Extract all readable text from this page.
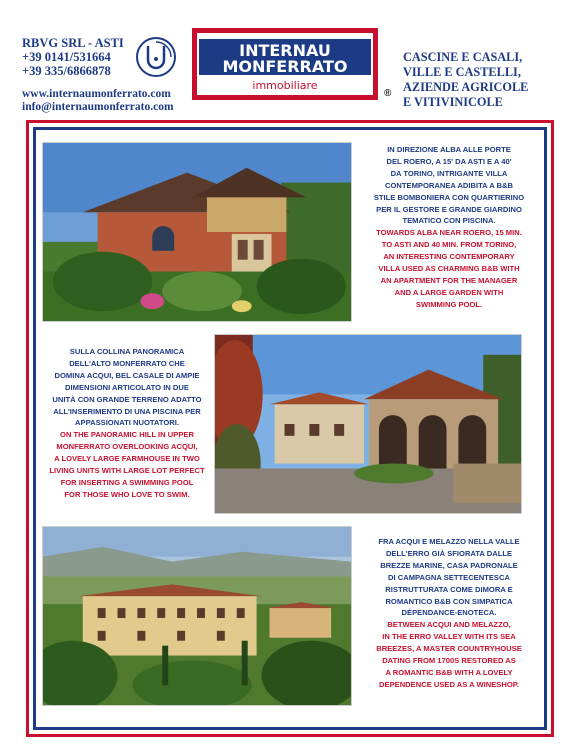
RBVG SRL - ASTI
+39 0141/531664
+39 335/6866878
www.internaumonferrato.com
info@internaumonferrato.com
INTERNAU
MONFERRATO
immobiliare
®
CASCINE E CASALI,
VILLE E CASTELLI,
AZIENDE AGRICOLE
E VITIVINICOLE
IN DIREZIONE ALBA ALLE PORTE
DEL ROERO, A 15' DA ASTI E A 40'
DA TORINO, INTRIGANTE VILLA
CONTEMPORANEA ADIBITA A B&B
STILE BOMBONIERA CON QUARTIERINO
PER IL GESTORE E GRANDE GIARDINO
TEMATICO CON PISCINA.
TOWARDS ALBA NEAR ROERO, 15 MIN.
TO ASTI AND 40 MIN. FROM TORINO,
AN INTERESTING CONTEMPORARY
VILLA USED AS CHARMING B&B WITH
AN APARTMENT FOR THE MANAGER
AND A LARGE GARDEN WITH
SWIMMING POOL.
SULLA COLLINA PANORAMICA
DELL'ALTO MONFERRATO CHE
DOMINA ACQUI, BEL CASALE DI AMPIE
DIMENSIONI ARTICOLATO IN DUE
UNITÀ CON GRANDE TERRENO ADATTO
ALL'INSERIMENTO DI UNA PISCINA PER
APPASSIONATI NUOTATORI.
ON THE PANORAMIC HILL IN UPPER
MONFERRATO OVERLOOKING ACQUI,
A LOVELY LARGE FARMHOUSE IN TWO
LIVING UNITS WITH LARGE LOT PERFECT
FOR INSERTING A SWIMMING POOL
FOR THOSE WHO LOVE TO SWIM.
FRA ACQUI E MELAZZO NELLA VALLE
DELL'ERRO GIÀ SFIORATA DALLE
BREZZE MARINE, CASA PADRONALE
DI CAMPAGNA SETTECENTESCA
RISTRUTTURATA COME DIMORA E
ROMANTICO B&B CON SIMPATICA
DÉPENDANCE-ENOTECA.
BETWEEN ACQUI AND MELAZZO,
IN THE ERRO VALLEY WITH ITS SEA
BREEZES, A MASTER COUNTRYHOUSE
DATING FROM 1700S RESTORED AS
A ROMANTIC B&B WITH A LOVELY
DEPENDENCE USED AS A WINESHOP.
